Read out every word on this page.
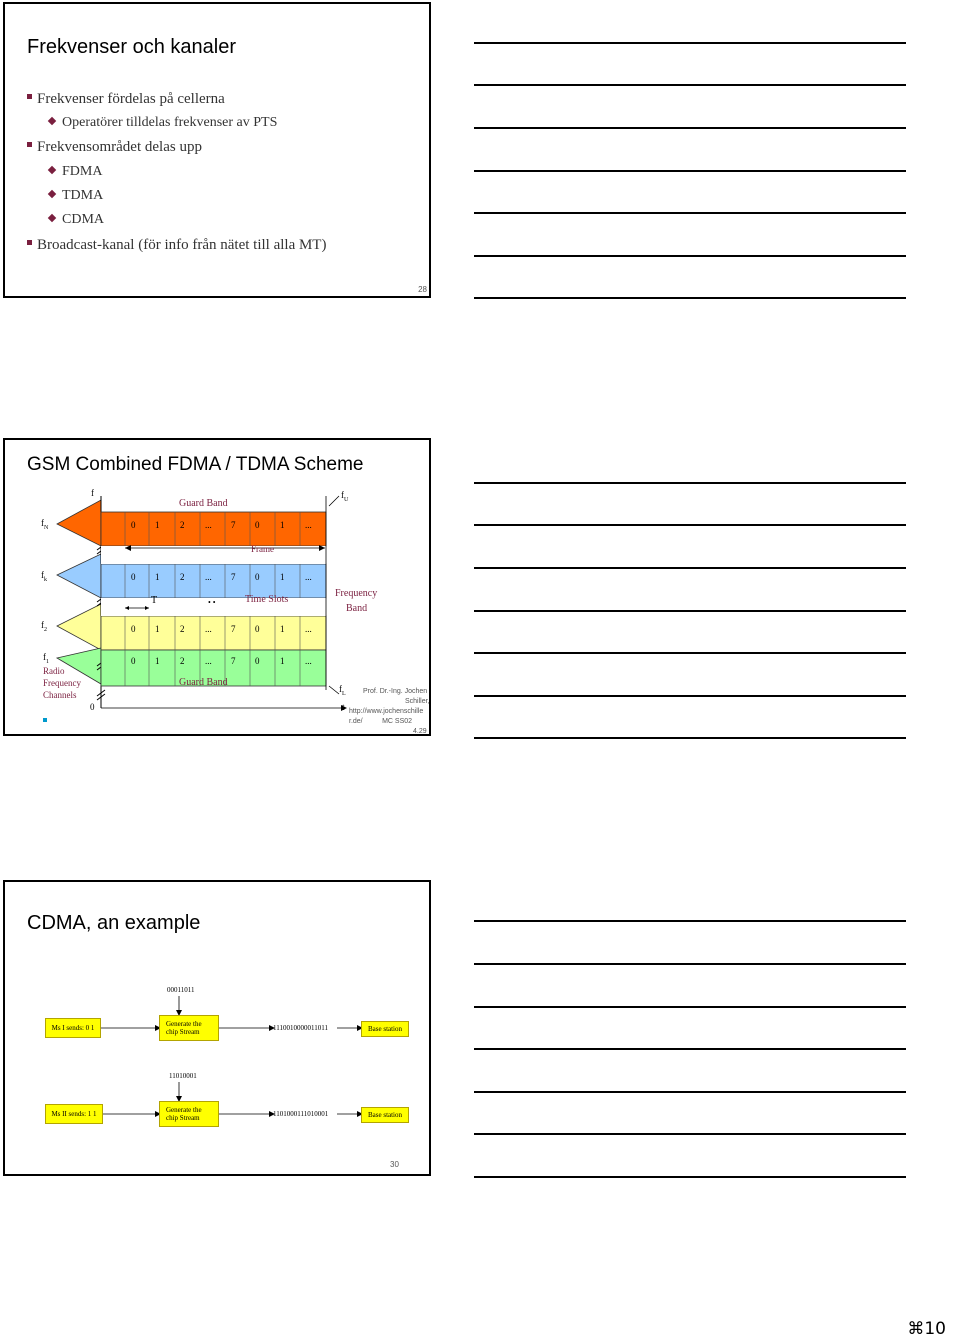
Frekvenser och kanaler
Frekvenser fördelas på cellerna
Operatörer tilldelas frekvenser av PTS
Frekvensområdet delas upp
FDMA
TDMA
CDMA
Broadcast-kanal (för info från nätet till alla MT)
28
GSM Combined FDMA / TDMA Scheme
f
$f_N$
$f_k$
$f_2$
$f_1$
$f_U$
$f_L$
0	t
Guard Band
Guard Band
Frame
T	• •	Time Slots
Frequency
Band
Radio
Frequency
Channels
0 1 2 ... 7 0 1 ...
0 1 2 ... 7 0 1 ...
0 1 2 ... 7 0 1 ...
0 1 2 ... 7 0 1 ...
Prof. Dr.-Ing. Jochen
Schiller,
http://www.jochenschille
r.de/          MC SS02
4.29
CDMA, an example
00011011
Ms I sends: 0 1	Generate the
chip Stream	1110010000011011	Base station
11010001
Ms II sends: 1 1	Generate the
chip Stream	1101000111010001	Base station
30
⌘10
